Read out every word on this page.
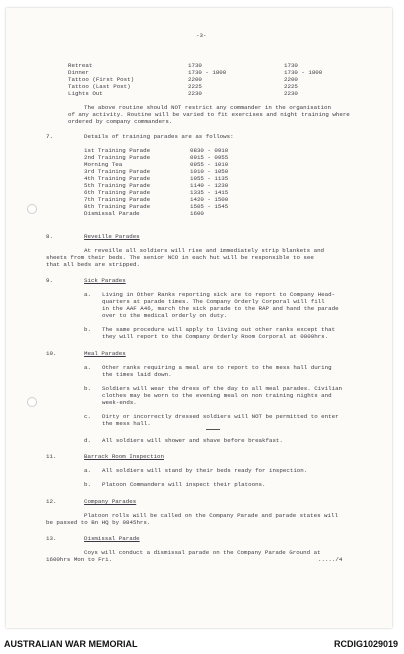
-3-
Retreat	1730	1730
Dinner	1730 - 1800	1730 - 1800
Tattoo (First Post)	2200	2200
Tattoo (Last Post)	2225	2225
Lights Out	2230	2230
The above routine should NOT restrict any commander in the organisation
of any activity. Routine will be varied to fit exercises and night training where
ordered by company commanders.
7.	Details of training parades are as follows:
1st Training Parade	0830 - 0910
2nd Training Parade	0915 - 0955
Morning Tea	0955 - 1010
3rd Training Parade	1010 - 1050
4th Training Parade	1055 - 1135
5th Training Parade	1140 - 1230
6th Training Parade	1335 - 1415
7th Training Parade	1420 - 1500
8th Training Parade	1505 - 1545
Dismissal Parade	1600
8.	Reveille Parades
At reveille all soldiers will rise and immediately strip blankets and
sheets from their beds. The senior NCO in each hut will be responsible to see
that all beds are stripped.
9.	Sick Parades
a. Living in Other Ranks reporting sick are to report to Company Head-
quarters at parade times. The Company Orderly Corporal will fill
in the AAF A46, march the sick parade to the RAP and hand the parade
over to the medical orderly on duty.
b. The same procedure will apply to living out other ranks except that
they will report to the Company Orderly Room Corporal at 0800hrs.
10.	Meal Parades
a. Other ranks requiring a meal are to report to the mess hall during
the times laid down.
b. Soldiers will wear the dress of the day to all meal parades. Civilian
clothes may be worn to the evening meal on non training nights and
week-ends.
c. Dirty or incorrectly dressed soldiers will NOT be permitted to enter
the mess hall.
d. All soldiers will shower and shave before breakfast.
11.	Barrack Room Inspection
a. All soldiers will stand by their beds ready for inspection.
b. Platoon Commanders will inspect their platoons.
12.	Company Parades
Platoon rolls will be called on the Company Parade and parade states will
be passed to Bn HQ by 0845hrs.
13.	Dismissal Parade
Coys will conduct a dismissal parade on the Company Parade Ground at
1600hrs Mon to Fri.	...../4
AUSTRALIAN WAR MEMORIAL	RCDIG1029019
